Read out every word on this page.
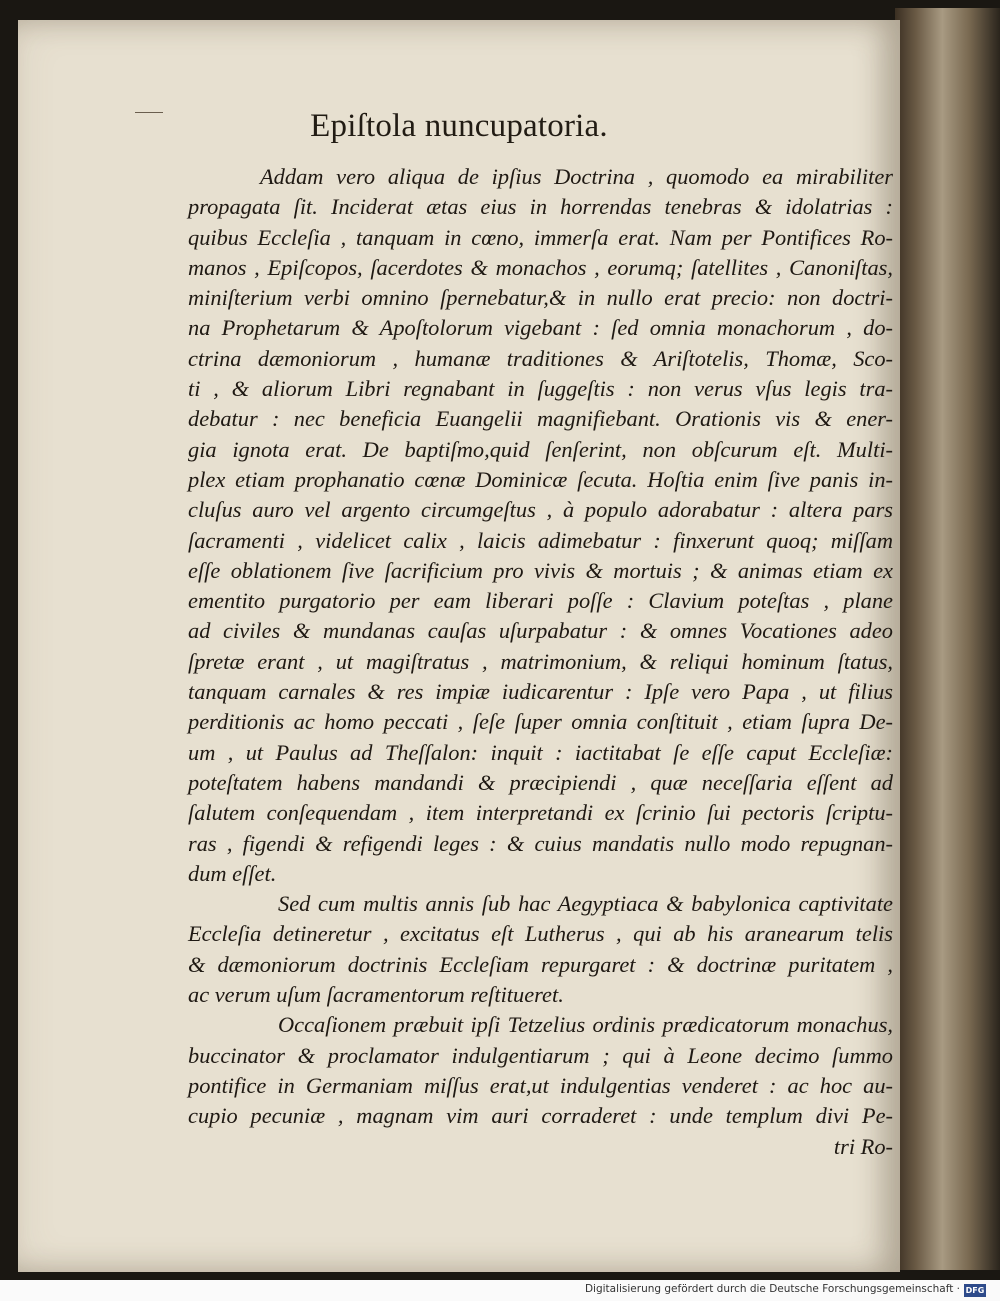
Epiſtola nuncupatoria.
Addam vero aliqua de ipſius Doctrina , quomodo ea mirabiliter
propagata ſit. Inciderat ætas eius in horrendas tenebras & idolatrias :
quibus Eccleſia , tanquam in cœno, immerſa erat. Nam per Pontifices Ro-
manos , Epiſcopos, ſacerdotes & monachos , eorumq; ſatellites , Canoniſtas,
miniſterium verbi omnino ſpernebatur,& in nullo erat precio: non doctri-
na Prophetarum & Apoſtolorum vigebant : ſed omnia monachorum , do-
ctrina dæmoniorum , humanæ traditiones & Ariſtotelis, Thomæ, Sco-
ti , & aliorum Libri regnabant in ſuggeſtis : non verus vſus legis tra-
debatur : nec beneficia Euangelii magnifiebant. Orationis vis & ener-
gia ignota erat. De baptiſmo,quid ſenſerint, non obſcurum eſt. Multi-
plex etiam prophanatio cœnæ Dominicæ ſecuta. Hoſtia enim ſive panis in-
cluſus auro vel argento circumgeſtus , à populo adorabatur : altera pars
ſacramenti , videlicet calix , laicis adimebatur : finxerunt quoq; miſſam
eſſe oblationem ſive ſacrificium pro vivis & mortuis ; & animas etiam ex
ementito purgatorio per eam liberari poſſe : Clavium poteſtas , plane
ad civiles & mundanas cauſas uſurpabatur : & omnes Vocationes adeo
ſpretæ erant , ut magiſtratus , matrimonium, & reliqui hominum ſtatus,
tanquam carnales & res impiæ iudicarentur : Ipſe vero Papa , ut filius
perditionis ac homo peccati , ſeſe ſuper omnia conſtituit , etiam ſupra De-
um , ut Paulus ad Theſſalon: inquit : iactitabat ſe eſſe caput Eccleſiæ:
poteſtatem habens mandandi & præcipiendi , quæ neceſſaria eſſent ad
ſalutem conſequendam , item interpretandi ex ſcrinio ſui pectoris ſcriptu-
ras , figendi & refigendi leges : & cuius mandatis nullo modo repugnan-
dum eſſet.
Sed cum multis annis ſub hac Aegyptiaca & babylonica captivitate
Eccleſia detineretur , excitatus eſt Lutherus , qui ab his aranearum telis
& dæmoniorum doctrinis Eccleſiam repurgaret : & doctrinæ puritatem ,
ac verum uſum ſacramentorum reſtitueret.
Occaſionem præbuit ipſi Tetzelius ordinis prædicatorum monachus,
buccinator & proclamator indulgentiarum ; qui à Leone decimo ſummo
pontifice in Germaniam miſſus erat,ut indulgentias venderet : ac hoc au-
cupio pecuniæ , magnam vim auri corraderet : unde templum divi Pe-
tri Ro-
Digitalisierung gefördert durch die Deutsche Forschungsgemeinschaft · DFG
